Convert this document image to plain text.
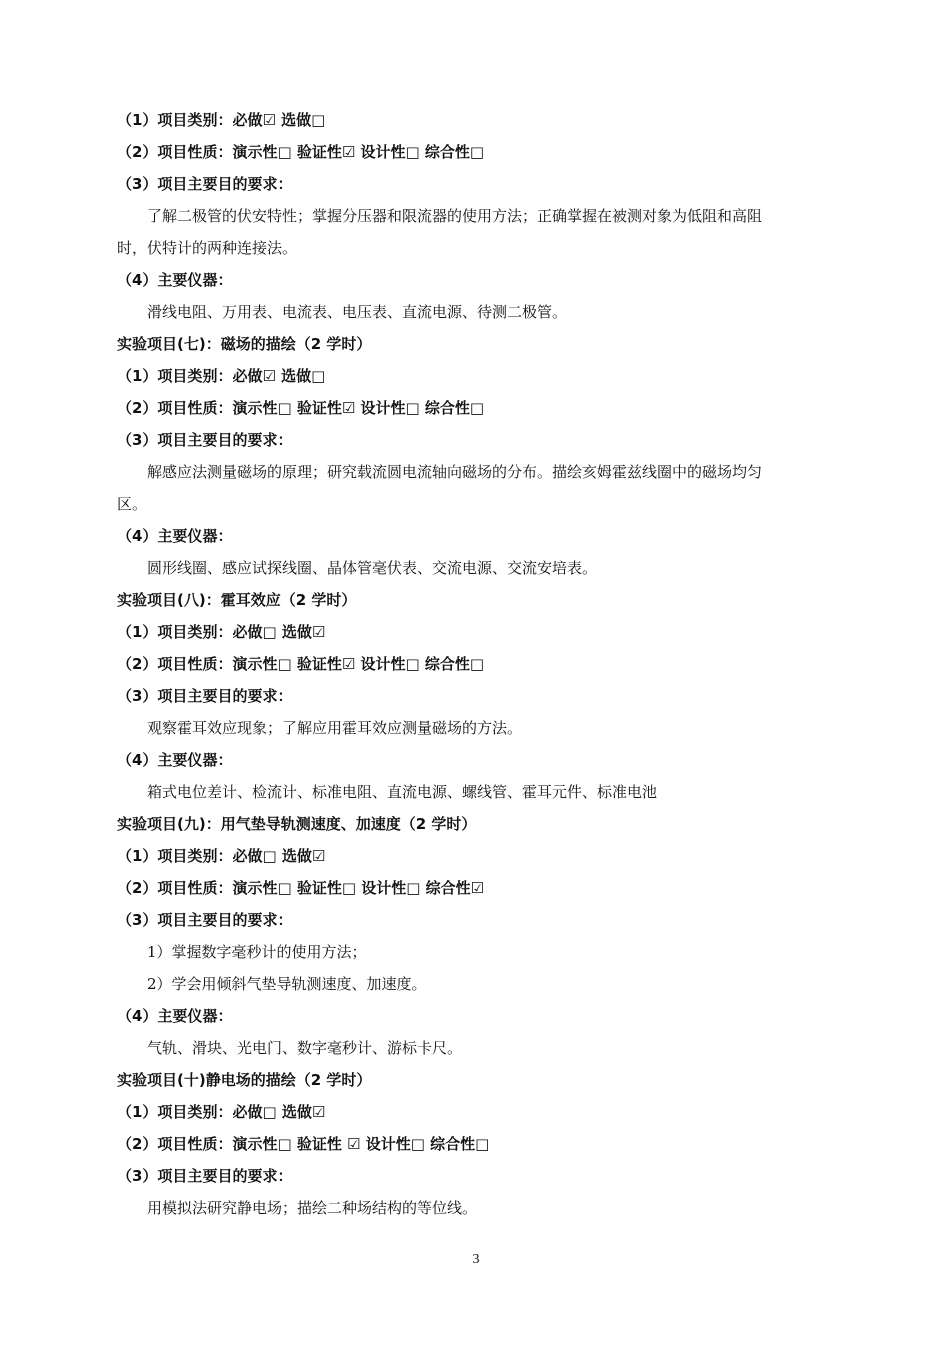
（1）项目类别：必做☑ 选做□
（2）项目性质：演示性□ 验证性☑ 设计性□ 综合性□
（3）项目主要目的要求：
了解二极管的伏安特性；掌握分压器和限流器的使用方法；正确掌握在被测对象为低阻和高阻
时，伏特计的两种连接法。
（4）主要仪器：
滑线电阻、万用表、电流表、电压表、直流电源、待测二极管。
实验项目(七)：磁场的描绘（2 学时）
（1）项目类别：必做☑ 选做□
（2）项目性质：演示性□ 验证性☑ 设计性□ 综合性□
（3）项目主要目的要求：
解感应法测量磁场的原理；研究载流圆电流轴向磁场的分布。描绘亥姆霍兹线圈中的磁场均匀
区。
（4）主要仪器：
圆形线圈、感应试探线圈、晶体管毫伏表、交流电源、交流安培表。
实验项目(八)：霍耳效应（2 学时）
（1）项目类别：必做□ 选做☑
（2）项目性质：演示性□ 验证性☑ 设计性□ 综合性□
（3）项目主要目的要求：
观察霍耳效应现象；了解应用霍耳效应测量磁场的方法。
（4）主要仪器：
箱式电位差计、检流计、标准电阻、直流电源、螺线管、霍耳元件、标准电池
实验项目(九)：用气垫导轨测速度、加速度（2 学时）
（1）项目类别：必做□ 选做☑
（2）项目性质：演示性□ 验证性□ 设计性□ 综合性☑
（3）项目主要目的要求：
1）掌握数字毫秒计的使用方法；
2）学会用倾斜气垫导轨测速度、加速度。
（4）主要仪器：
气轨、滑块、光电门、数字毫秒计、游标卡尺。
实验项目(十)静电场的描绘（2 学时）
（1）项目类别：必做□ 选做☑
（2）项目性质：演示性□ 验证性 ☑ 设计性□ 综合性□
（3）项目主要目的要求：
用模拟法研究静电场；描绘二种场结构的等位线。
3
